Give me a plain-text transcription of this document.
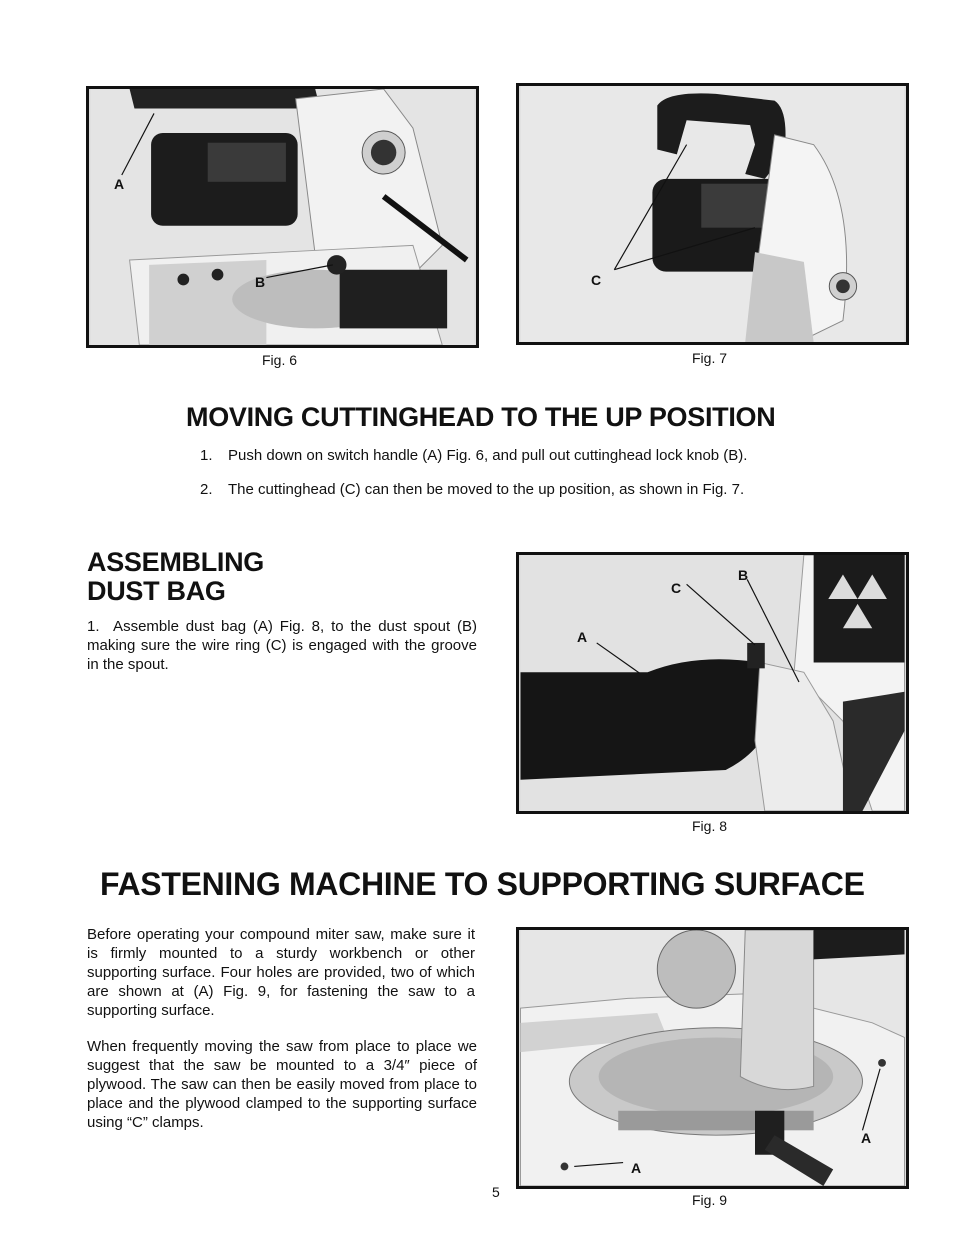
A
B
Fig. 6
C
Fig. 7
MOVING CUTTINGHEAD TO THE UP POSITION
1. Push down on switch handle (A) Fig. 6, and pull out cuttinghead lock knob (B).
2. The cuttinghead (C) can then be moved to the up position, as shown in Fig. 7.
ASSEMBLING
DUST BAG

1.  Assemble dust bag (A) Fig. 8, to the dust spout (B) making sure the wire ring (C) is engaged with the groove in the spout.

A
B
C
Fig. 8
FASTENING MACHINE TO SUPPORTING SURFACE

Before operating your compound miter saw, make sure it is firmly mounted to a sturdy workbench or other supporting surface. Four holes are provided, two of which are shown at (A) Fig. 9, for fastening the saw to a supporting surface.

When frequently moving the saw from place to place we suggest that the saw be mounted to a 3/4″ piece of plywood. The saw can then be easily moved from place to place and the plywood clamped to the supporting surface using “C” clamps.

A
A
Fig. 9
5
